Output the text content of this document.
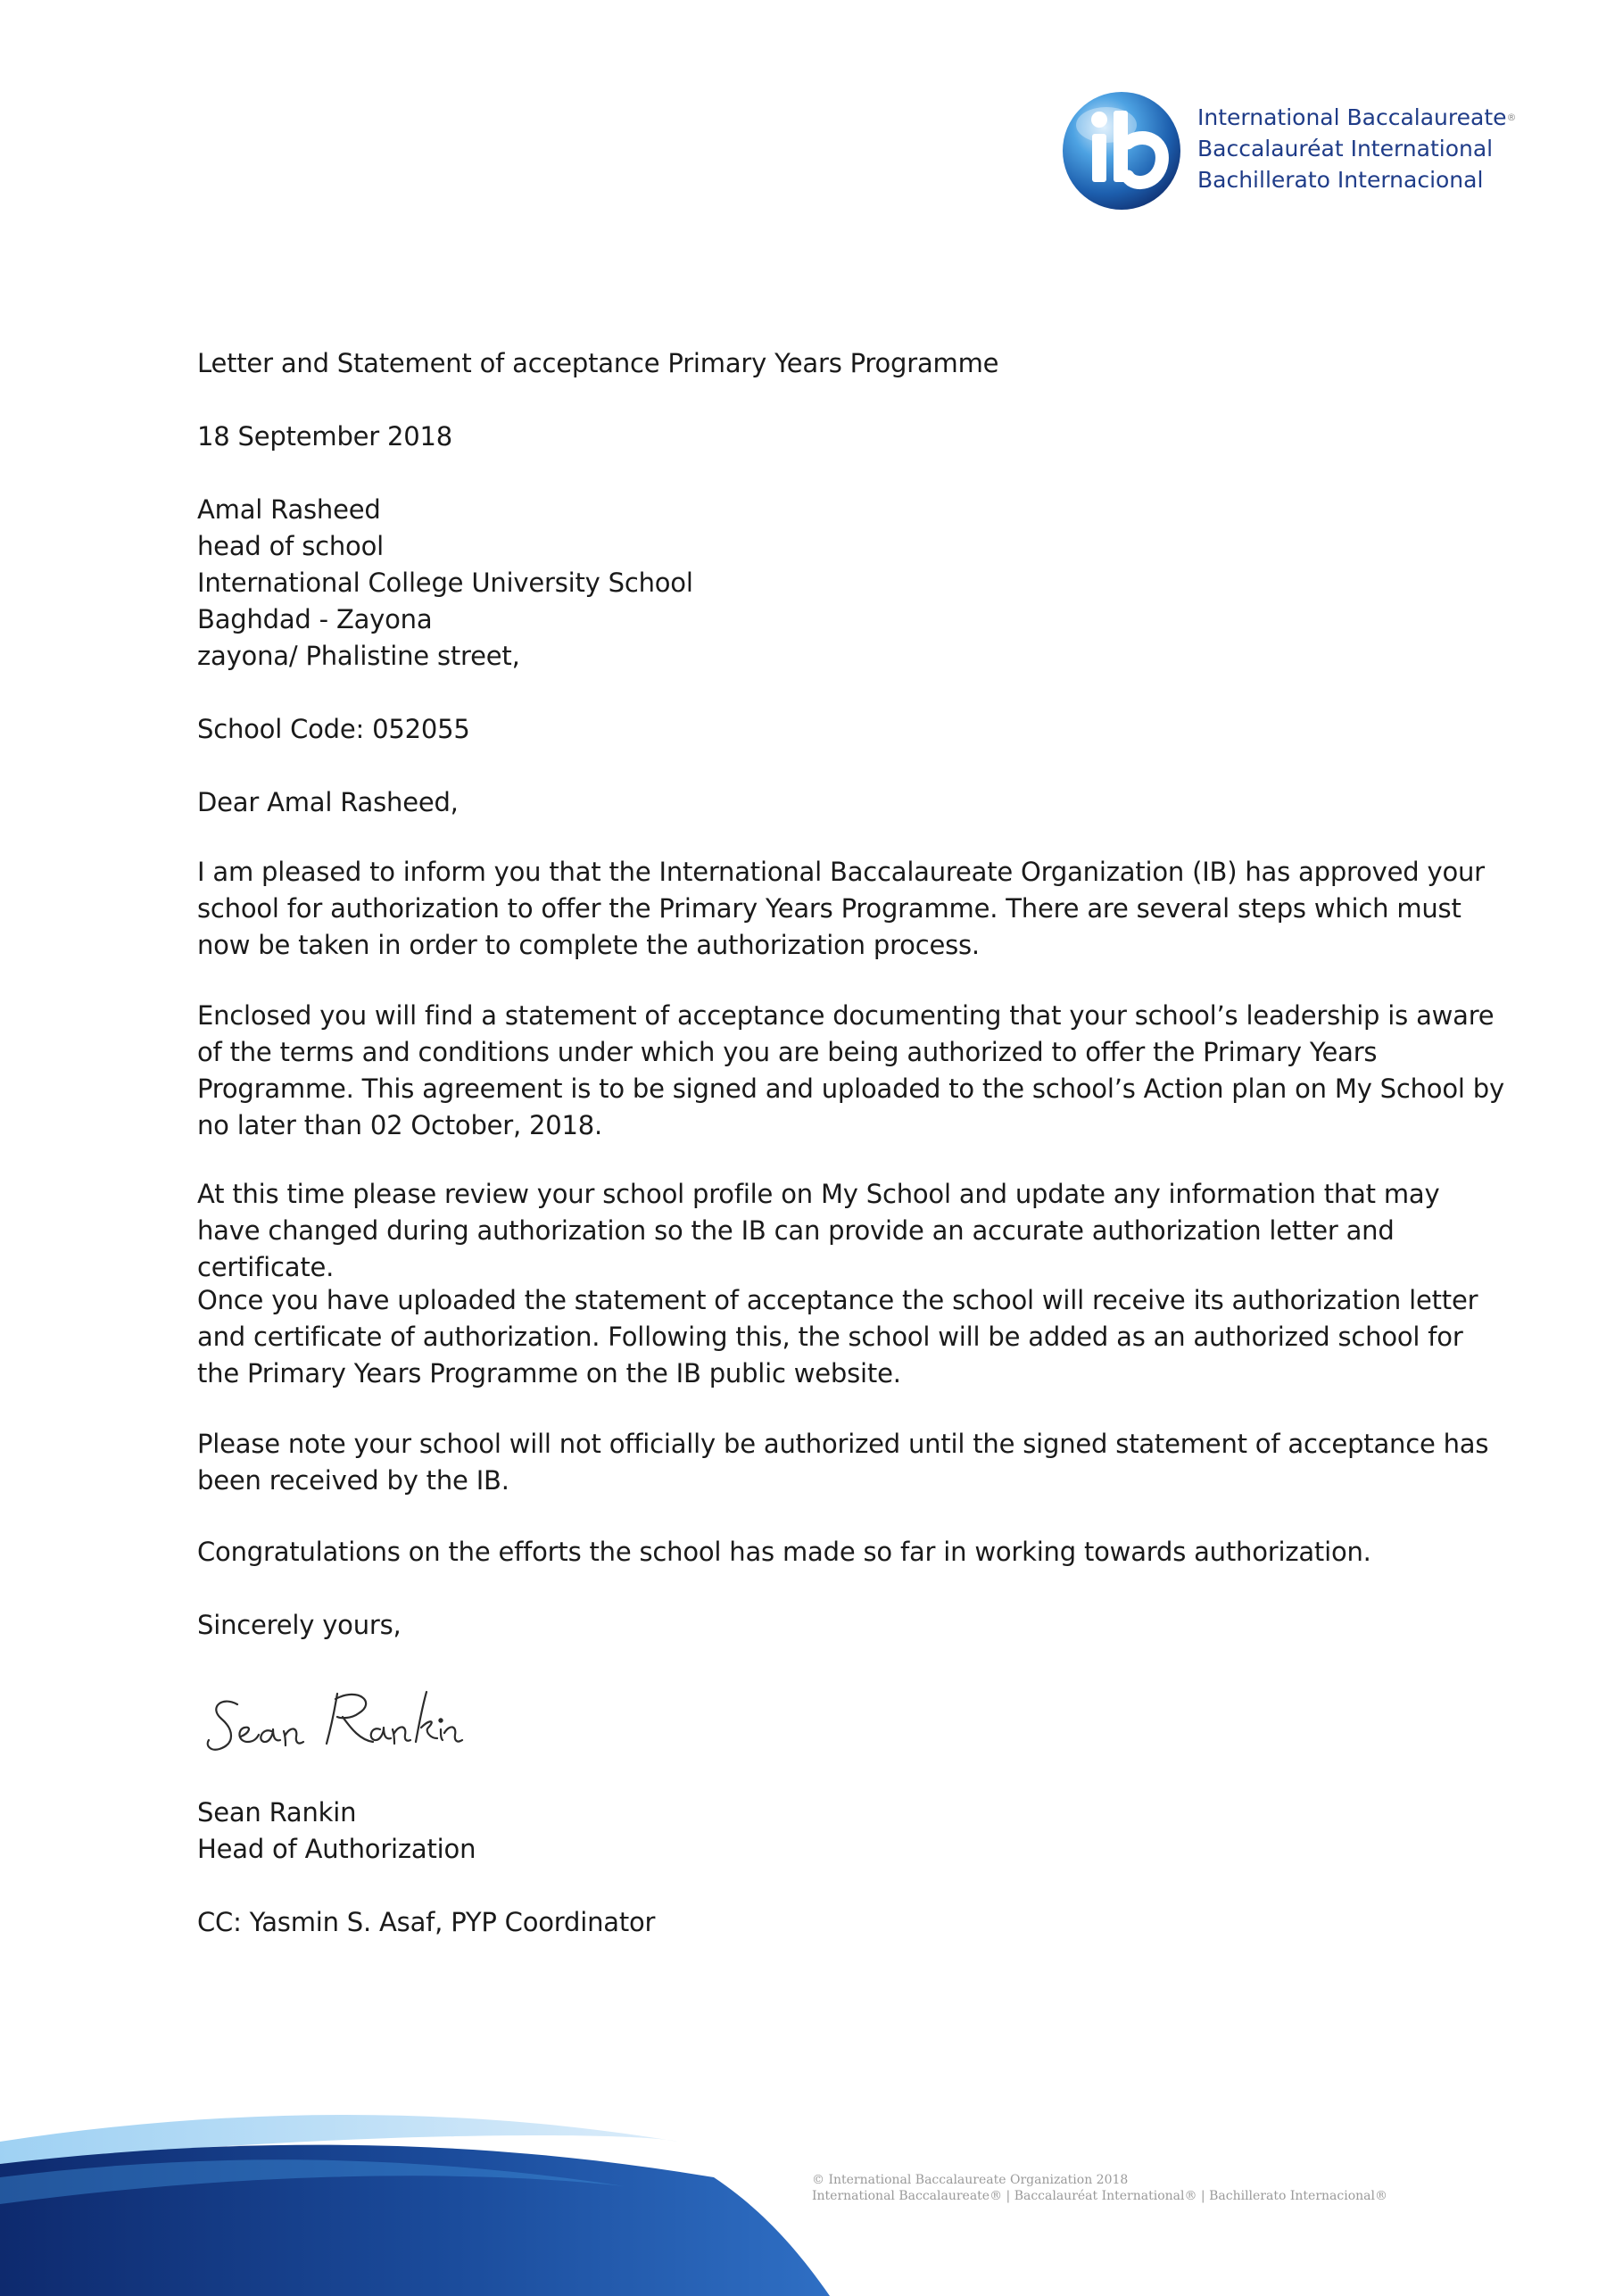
International Baccalaureate®
Baccalauréat International
Bachillerato Internacional
Letter and Statement of acceptance Primary Years Programme
18 September 2018
Amal Rasheed
head of school
International College University School
Baghdad - Zayona
zayona/ Phalistine street,
School Code: 052055
Dear Amal Rasheed,

I am pleased to inform you that the International Baccalaureate Organization (IB) has approved your school for authorization to offer the Primary Years Programme. There are several steps which must now be taken in order to complete the authorization process.

Enclosed you will find a statement of acceptance documenting that your school’s leadership is aware of the terms and conditions under which you are being authorized to offer the Primary Years Programme. This agreement is to be signed and uploaded to the school’s Action plan on My School by no later than 02 October, 2018.

At this time please review your school profile on My School and update any information that may have changed during authorization so the IB can provide an accurate authorization letter and certificate.

Once you have uploaded the statement of acceptance the school will receive its authorization letter and certificate of authorization. Following this, the school will be added as an authorized school for the Primary Years Programme on the IB public website.

Please note your school will not officially be authorized until the signed statement of acceptance has been received by the IB.

Congratulations on the efforts the school has made so far in working towards authorization.

Sincerely yours,
Sean Rankin
Head of Authorization
CC: Yasmin S. Asaf, PYP Coordinator
© International Baccalaureate Organization 2018
International Baccalaureate® | Baccalauréat International® | Bachillerato Internacional®
